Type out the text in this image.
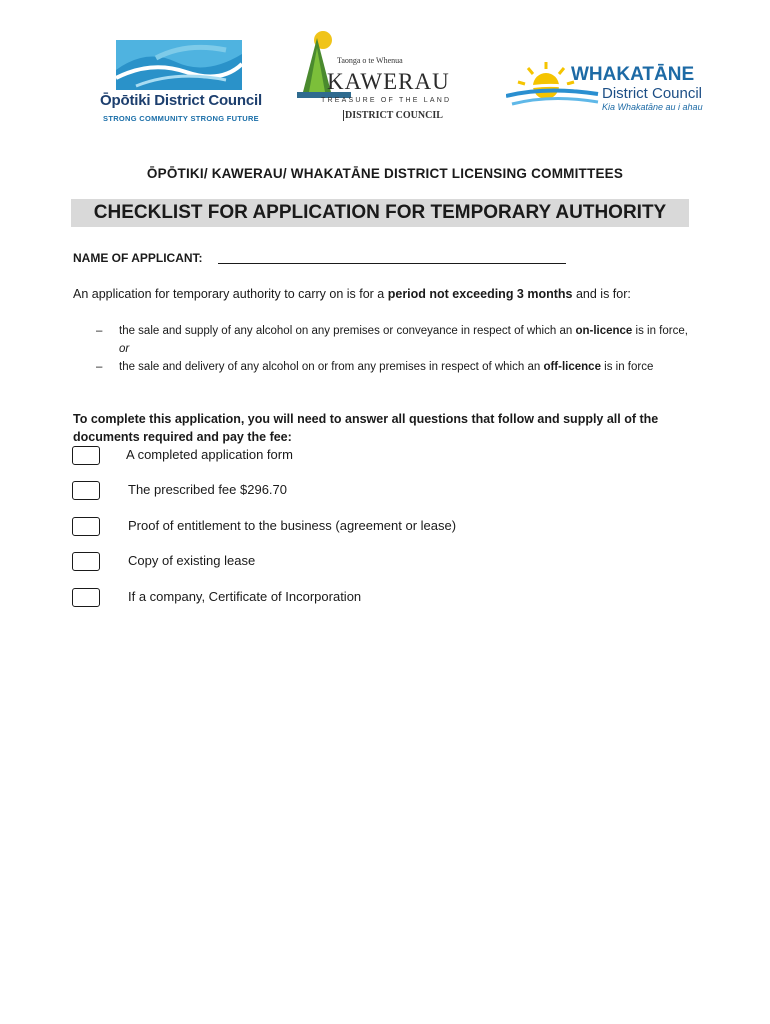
Ōpōtiki District Council
STRONG COMMUNITY STRONG FUTURE
Taonga o te Whenua
KAWERAU
TREASURE OF THE LAND
DISTRICT COUNCIL
WHAKATĀNE
District Council
Kia Whakatāne au i ahau
ŌPŌTIKI/ KAWERAU/ WHAKATĀNE DISTRICT LICENSING COMMITTEES
CHECKLIST FOR APPLICATION FOR TEMPORARY AUTHORITY
NAME OF APPLICANT:
An application for temporary authority to carry on is for a period not exceeding 3 months and is for:
– the sale and supply of any alcohol on any premises or conveyance in respect of which an on-licence is in force, or
– the sale and delivery of any alcohol on or from any premises in respect of which an off-licence is in force
To complete this application, you will need to answer all questions that follow and supply all of the documents required and pay the fee:
A completed application form
The prescribed fee $296.70
Proof of entitlement to the business (agreement or lease)
Copy of existing lease
If a company, Certificate of Incorporation
